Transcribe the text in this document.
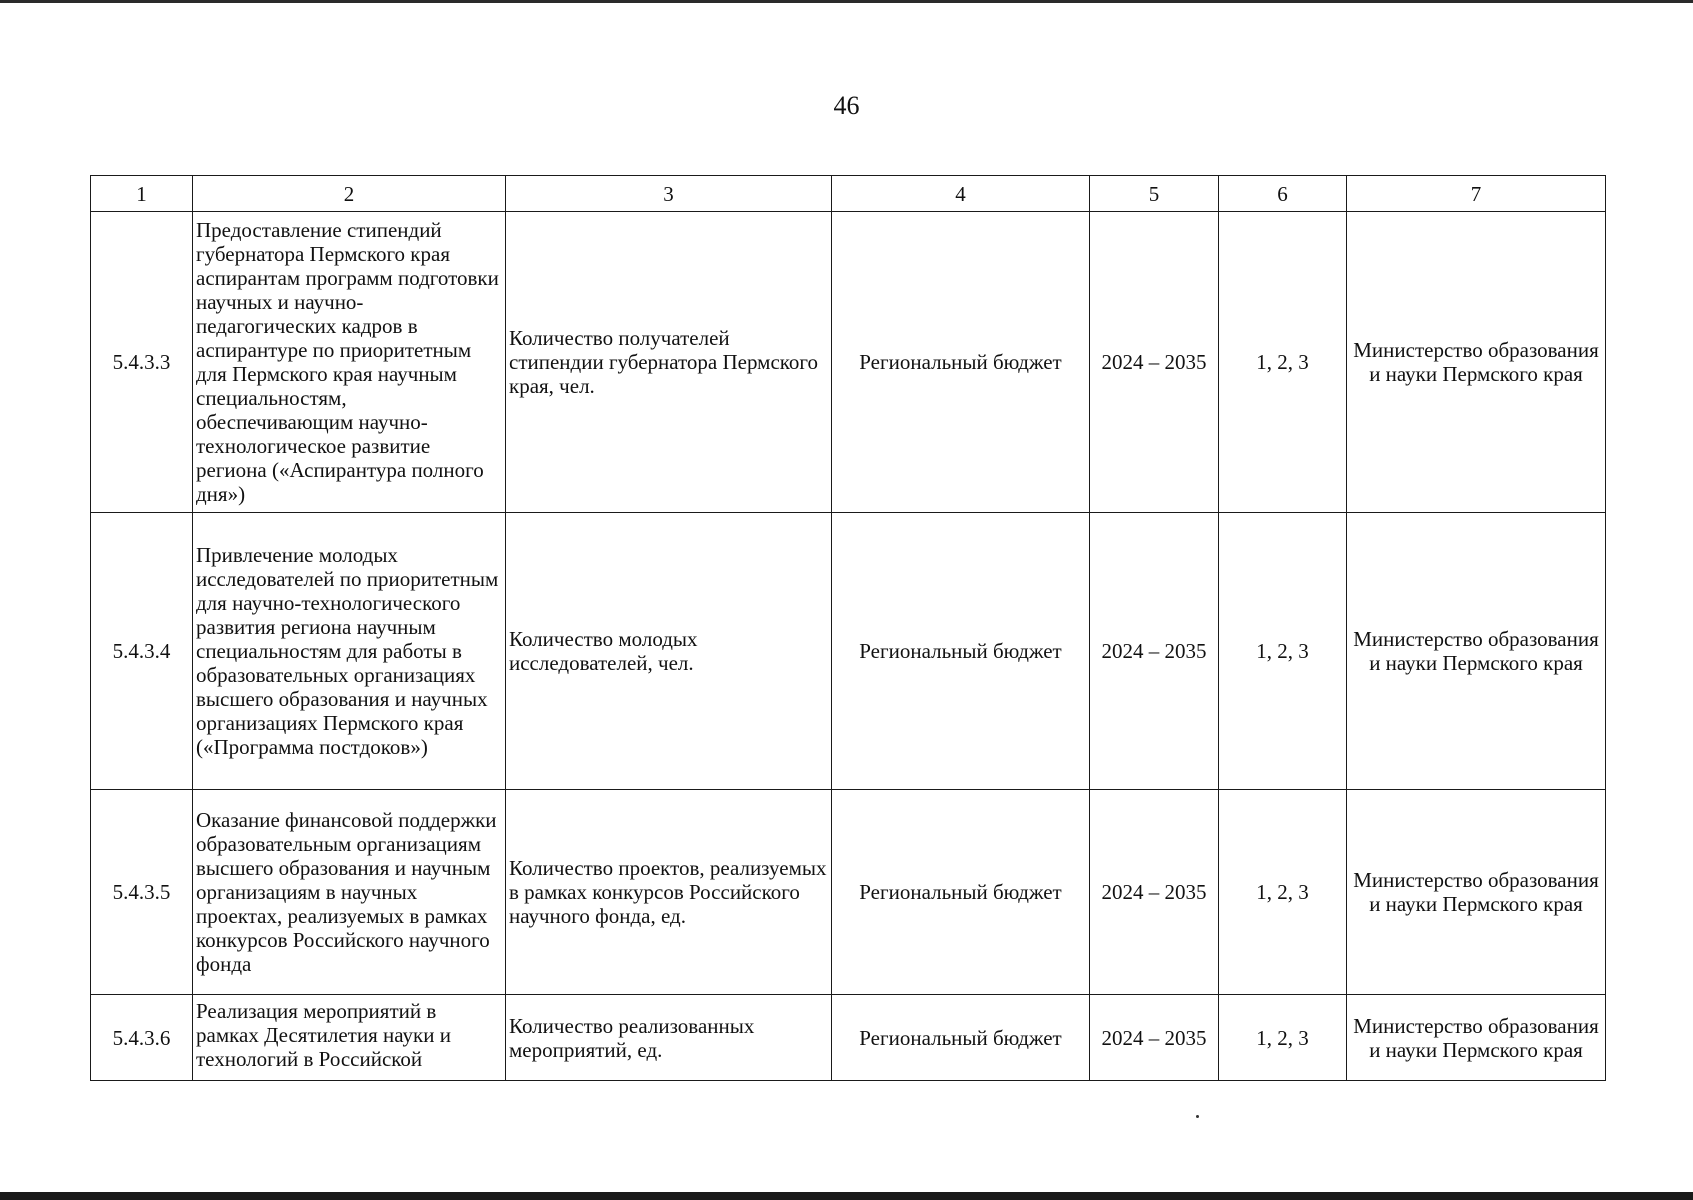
46
1	2	3	4	5	6	7
5.4.3.3	Предоставление стипендий губернатора Пермского края аспирантам программ подготовки научных и научно-педагогических кадров в аспирантуре по приоритетным для Пермского края научным специальностям, обеспечивающим научно-технологическое развитие региона («Аспирантура полного дня»)	Количество получателей стипендии губернатора Пермского края, чел.	Региональный бюджет	2024 – 2035	1, 2, 3	Министерство образования и науки Пермского края
5.4.3.4	Привлечение молодых исследователей по приоритетным для научно-технологического развития региона научным специальностям для работы в образовательных организациях высшего образования и научных организациях Пермского края («Программа постдоков»)	Количество молодых исследователей, чел.	Региональный бюджет	2024 – 2035	1, 2, 3	Министерство образования и науки Пермского края
5.4.3.5	Оказание финансовой поддержки образовательным организациям высшего образования и научным организациям в научных проектах, реализуемых в рамках конкурсов Российского научного фонда	Количество проектов, реализуемых в рамках конкурсов Российского научного фонда, ед.	Региональный бюджет	2024 – 2035	1, 2, 3	Министерство образования и науки Пермского края
5.4.3.6	Реализация мероприятий в рамках Десятилетия науки и технологий в Российской	Количество реализованных мероприятий, ед.	Региональный бюджет	2024 – 2035	1, 2, 3	Министерство образования и науки Пермского края
